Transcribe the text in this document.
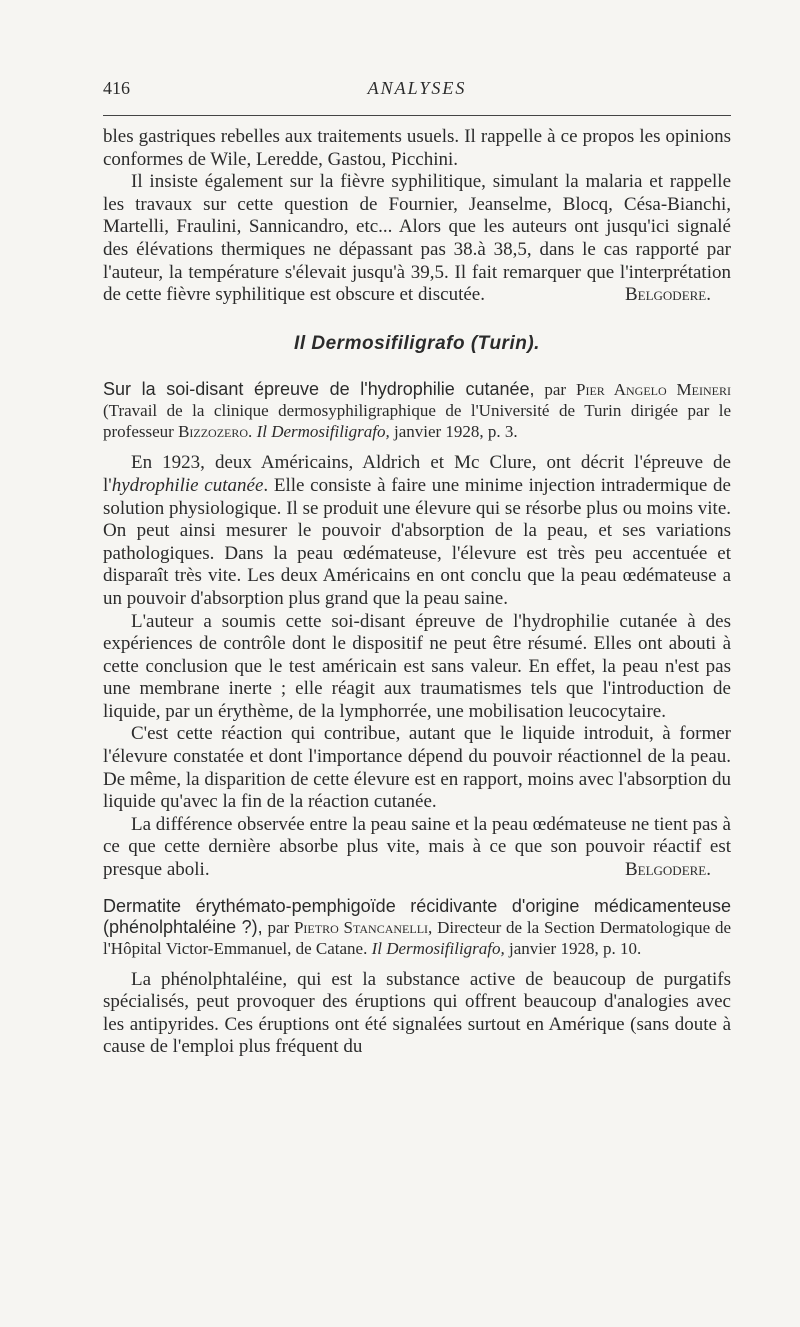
416	ANALYSES

bles gastriques rebelles aux traitements usuels. Il rappelle à ce propos les opinions conformes de Wile, Leredde, Gastou, Picchini.

Il insiste également sur la fièvre syphilitique, simulant la malaria et rappelle les travaux sur cette question de Fournier, Jeanselme, Blocq, Césa-Bianchi, Martelli, Fraulini, Sannicandro, etc... Alors que les auteurs ont jusqu'ici signalé des élévations thermiques ne dépassant pas 38.à 38,5, dans le cas rapporté par l'auteur, la température s'élevait jusqu'à 39,5. Il fait remarquer que l'interprétation de cette fièvre syphilitique est obscure et discutée.	Belgodere.

Il Dermosifiligrafo (Turin).

Sur la soi-disant épreuve de l'hydrophilie cutanée, par Pier Angelo Meineri (Travail de la clinique dermosyphiligraphique de l'Université de Turin dirigée par le professeur Bizzozero. Il Dermosifiligrafo, janvier 1928, p. 3.

En 1923, deux Américains, Aldrich et Mc Clure, ont décrit l'épreuve de l'hydrophilie cutanée. Elle consiste à faire une minime injection intradermique de solution physiologique. Il se produit une élevure qui se résorbe plus ou moins vite. On peut ainsi mesurer le pouvoir d'absorption de la peau, et ses variations pathologiques. Dans la peau œdémateuse, l'élevure est très peu accentuée et disparaît très vite. Les deux Américains en ont conclu que la peau œdémateuse a un pouvoir d'absorption plus grand que la peau saine.

L'auteur a soumis cette soi-disant épreuve de l'hydrophilie cutanée à des expériences de contrôle dont le dispositif ne peut être résumé. Elles ont abouti à cette conclusion que le test américain est sans valeur. En effet, la peau n'est pas une membrane inerte ; elle réagit aux traumatismes tels que l'introduction de liquide, par un érythème, de la lymphorrée, une mobilisation leucocytaire.

C'est cette réaction qui contribue, autant que le liquide introduit, à former l'élevure constatée et dont l'importance dépend du pouvoir réactionnel de la peau. De même, la disparition de cette élevure est en rapport, moins avec l'absorption du liquide qu'avec la fin de la réaction cutanée.

La différence observée entre la peau saine et la peau œdémateuse ne tient pas à ce que cette dernière absorbe plus vite, mais à ce que son pouvoir réactif est presque aboli.	Belgodere.

Dermatite érythémato-pemphigoïde récidivante d'origine médicamenteuse (phénolphtaléine ?), par Pietro Stancanelli, Directeur de la Section Dermatologique de l'Hôpital Victor-Emmanuel, de Catane. Il Dermosifiligrafo, janvier 1928, p. 10.

La phénolphtaléine, qui est la substance active de beaucoup de purgatifs spécialisés, peut provoquer des éruptions qui offrent beaucoup d'analogies avec les antipyrides. Ces éruptions ont été signalées surtout en Amérique (sans doute à cause de l'emploi plus fréquent du
